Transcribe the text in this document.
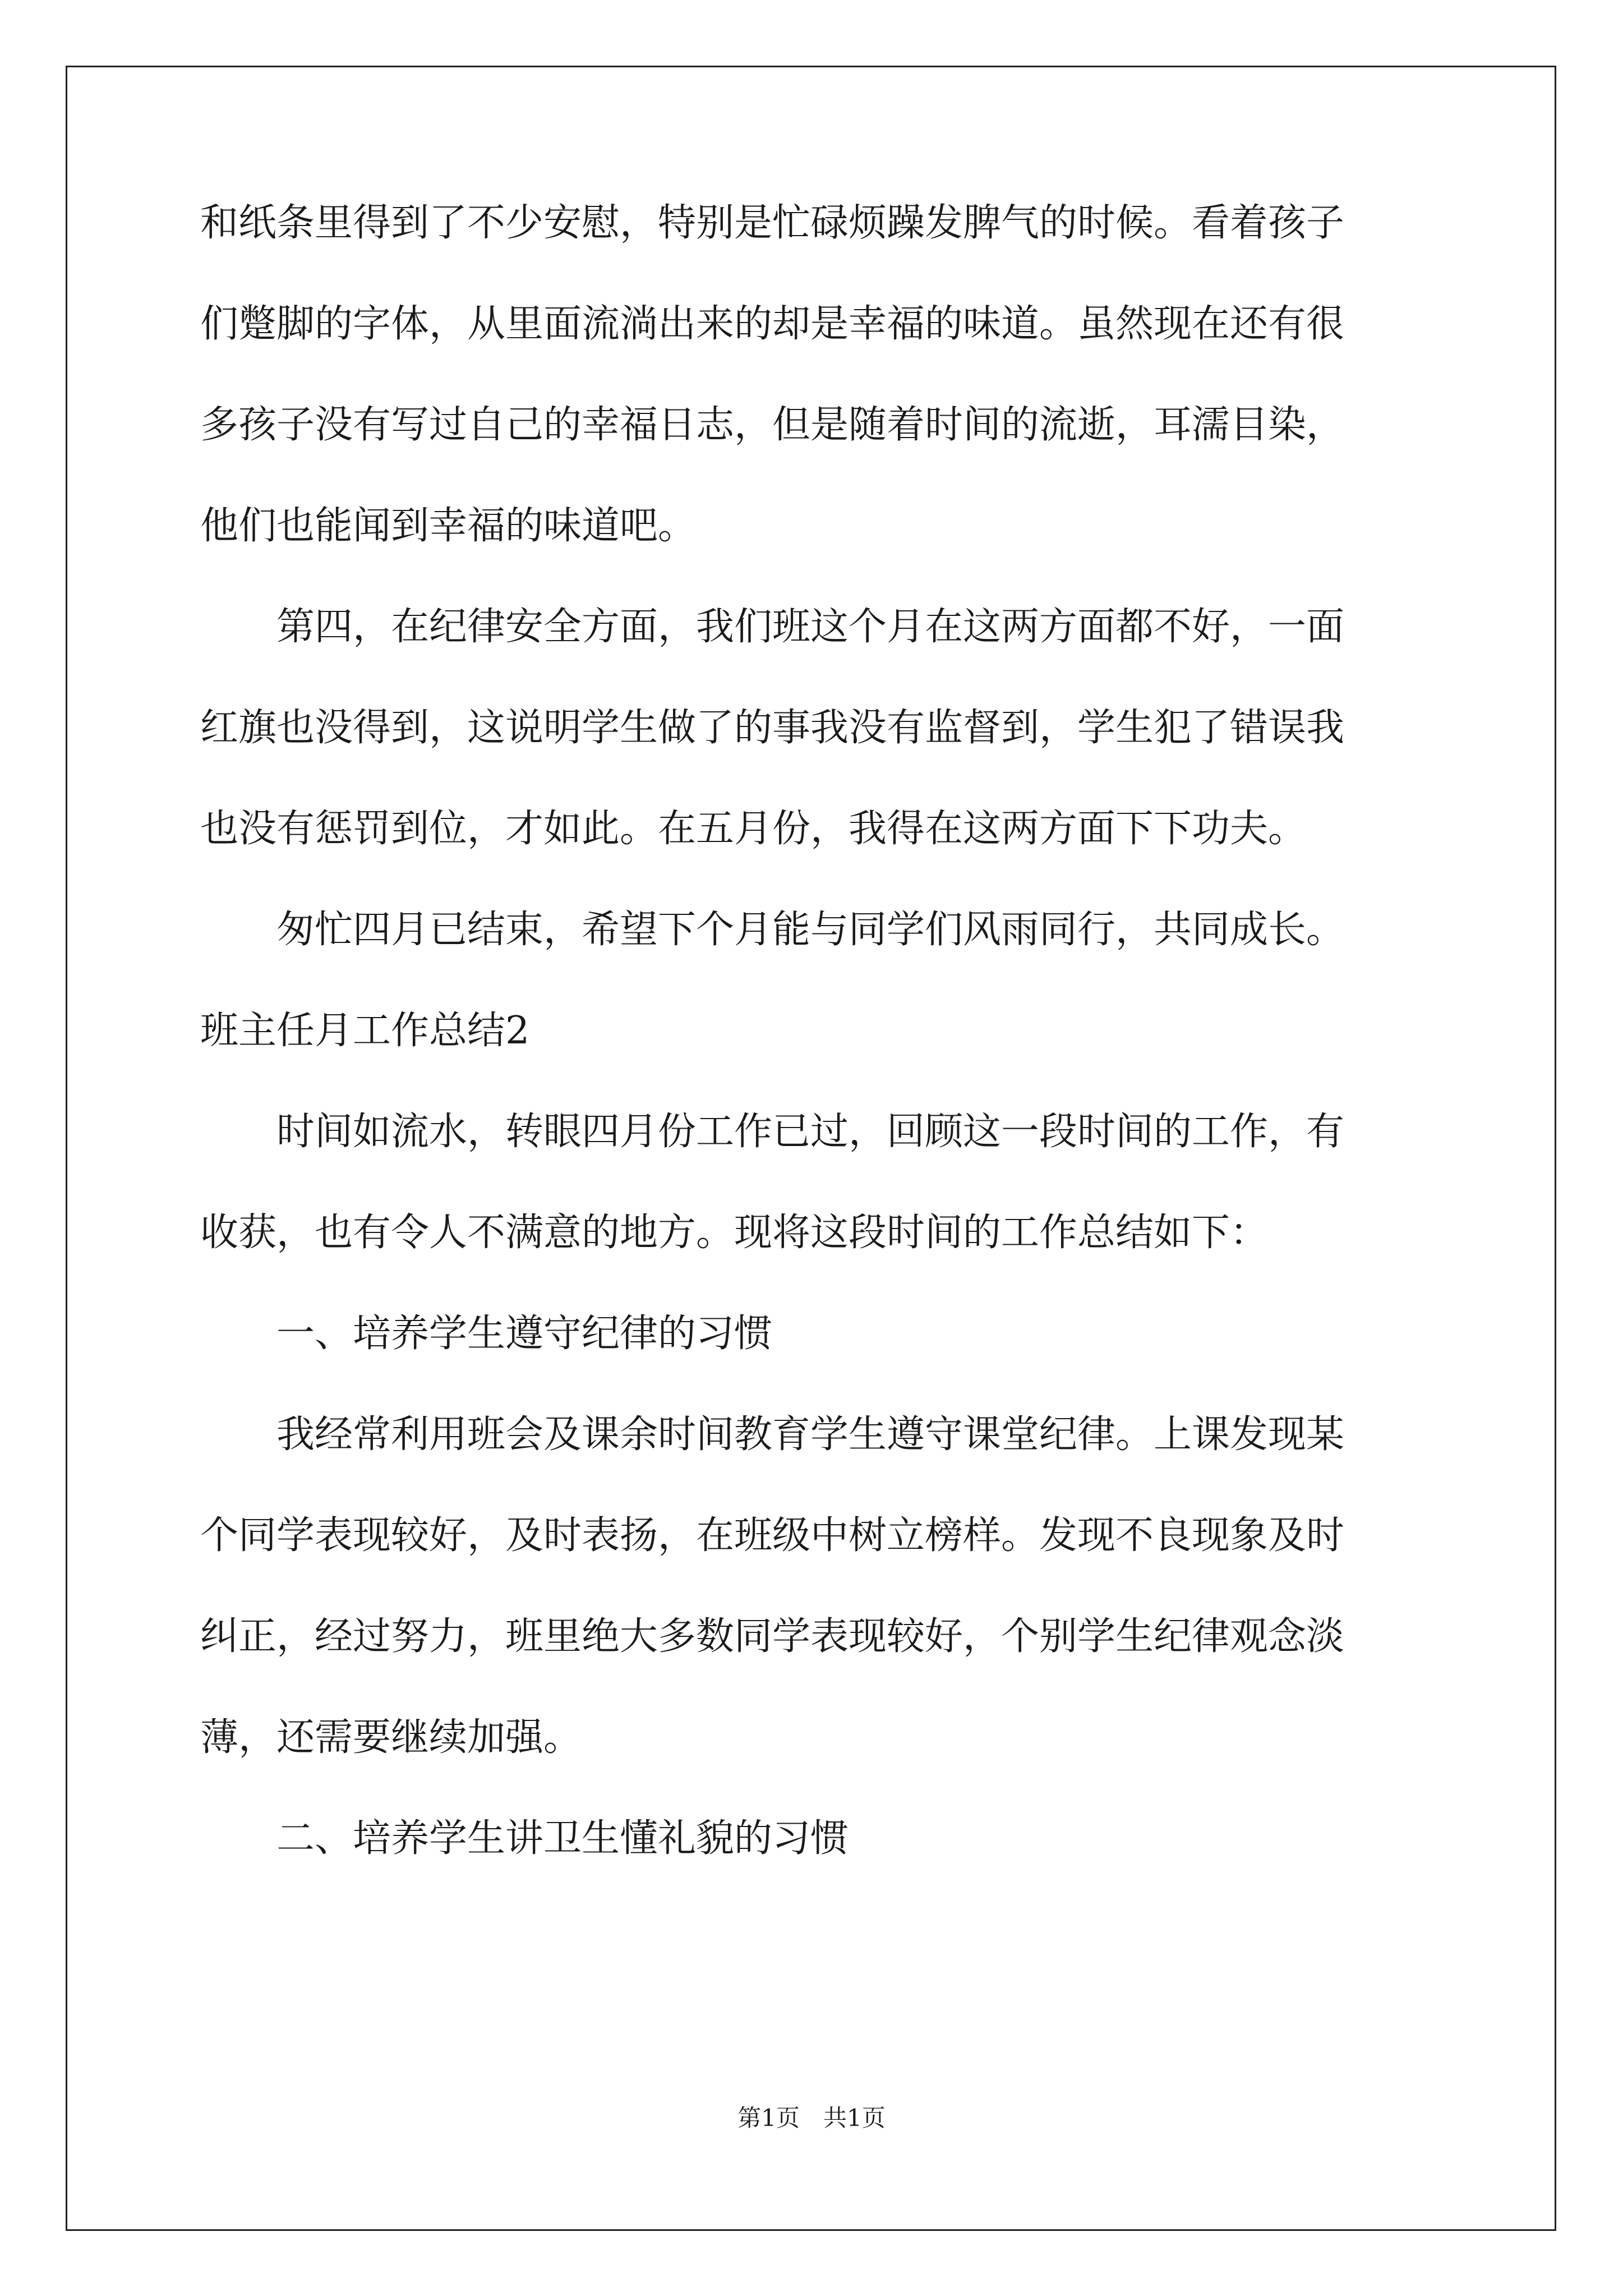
和纸条里得到了不少安慰，特别是忙碌烦躁发脾气的时候。看着孩子

们蹩脚的字体，从里面流淌出来的却是幸福的味道。虽然现在还有很

多孩子没有写过自己的幸福日志，但是随着时间的流逝，耳濡目染，

他们也能闻到幸福的味道吧。

　　第四，在纪律安全方面，我们班这个月在这两方面都不好，一面

红旗也没得到，这说明学生做了的事我没有监督到，学生犯了错误我

也没有惩罚到位，才如此。在五月份，我得在这两方面下下功夫。

　　匆忙四月已结束，希望下个月能与同学们风雨同行，共同成长。

班主任月工作总结2

　　时间如流水，转眼四月份工作已过，回顾这一段时间的工作，有

收获，也有令人不满意的地方。现将这段时间的工作总结如下：

　　一、培养学生遵守纪律的习惯

　　我经常利用班会及课余时间教育学生遵守课堂纪律。上课发现某

个同学表现较好，及时表扬，在班级中树立榜样。发现不良现象及时

纠正，经过努力，班里绝大多数同学表现较好，个别学生纪律观念淡

薄，还需要继续加强。

　　二、培养学生讲卫生懂礼貌的习惯

第1页　共1页
